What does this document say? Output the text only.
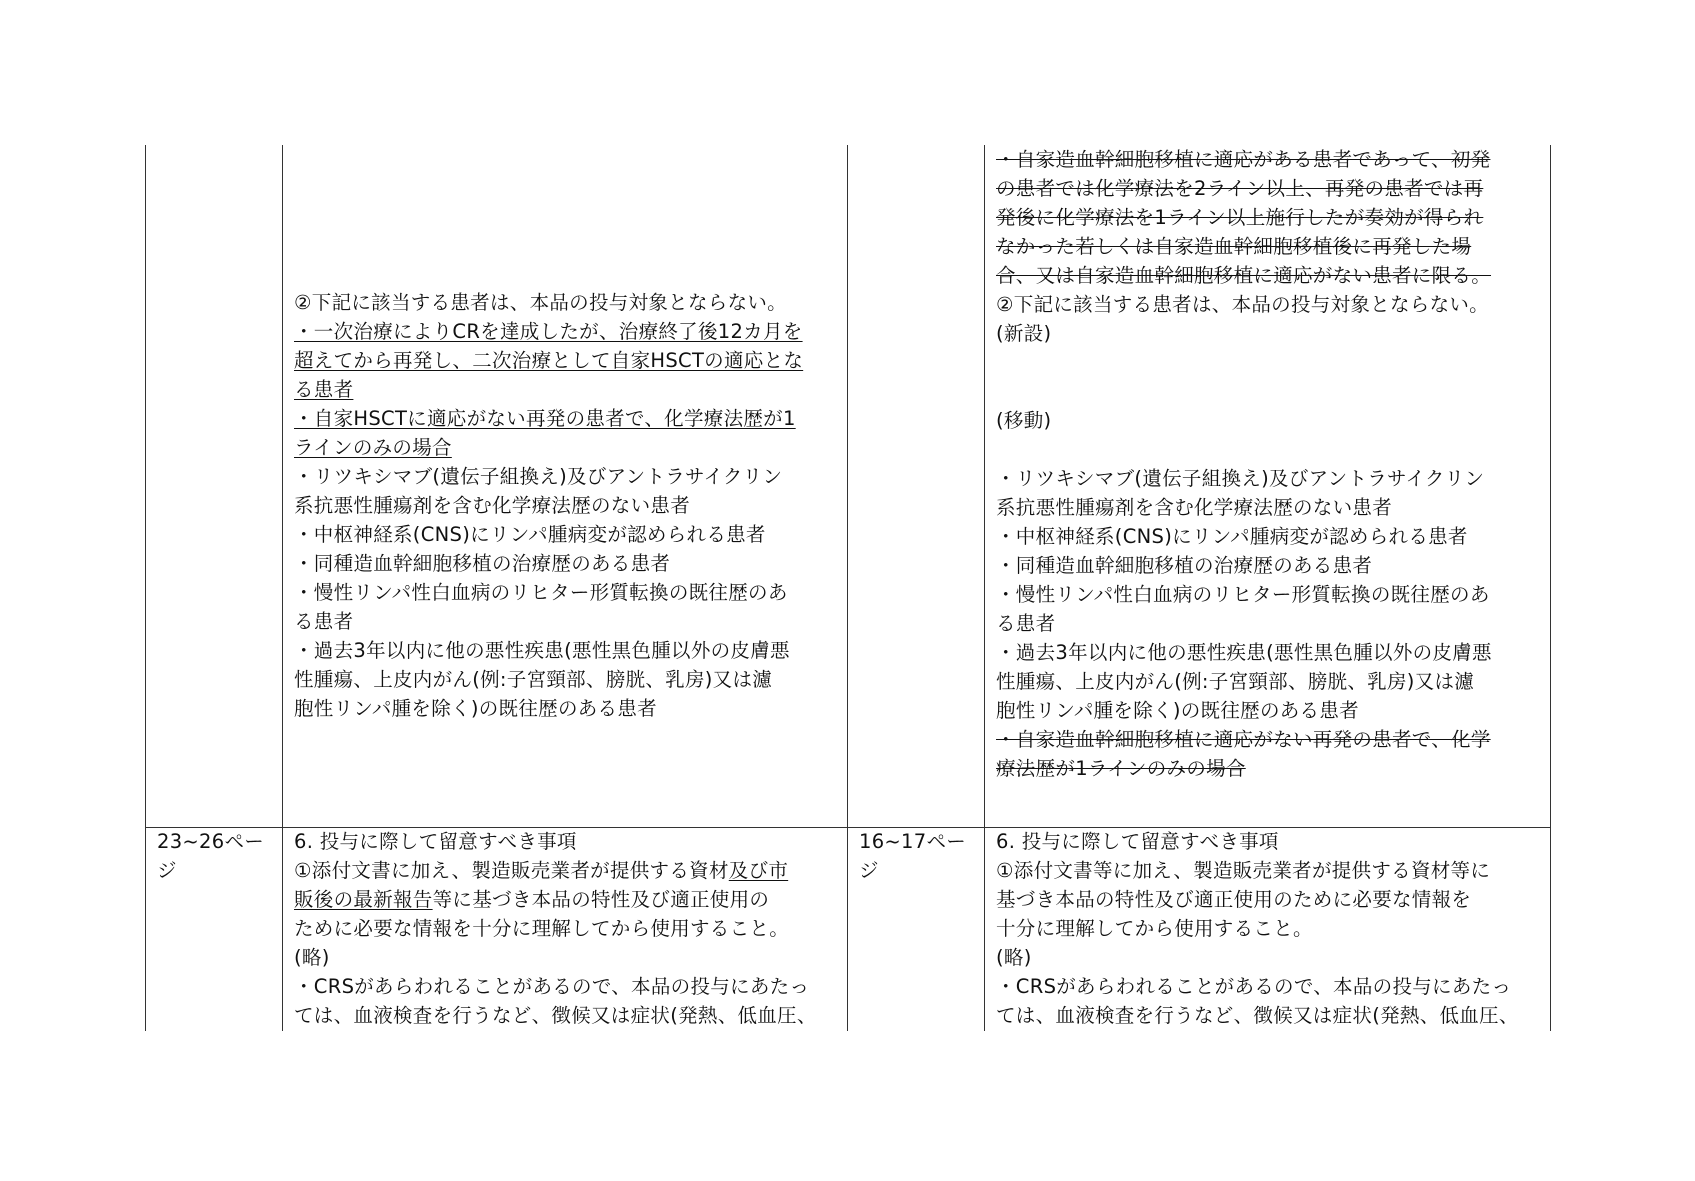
②下記に該当する患者は、本品の投与対象とならない。
・一次治療によりCRを達成したが、治療終了後12カ月を
超えてから再発し、二次治療として自家HSCTの適応とな
る患者
・自家HSCTに適応がない再発の患者で、化学療法歴が1
ラインのみの場合
・リツキシマブ(遺伝子組換え)及びアントラサイクリン
系抗悪性腫瘍剤を含む化学療法歴のない患者
・中枢神経系(CNS)にリンパ腫病変が認められる患者
・同種造血幹細胞移植の治療歴のある患者
・慢性リンパ性白血病のリヒター形質転換の既往歴のあ
る患者
・過去3年以内に他の悪性疾患(悪性黒色腫以外の皮膚悪
性腫瘍、上皮内がん(例:子宮頸部、膀胱、乳房)又は濾
胞性リンパ腫を除く)の既往歴のある患者
・自家造血幹細胞移植に適応がある患者であって、初発
の患者では化学療法を2ライン以上、再発の患者では再
発後に化学療法を1ライン以上施行したが奏効が得られ
なかった若しくは自家造血幹細胞移植後に再発した場
合、又は自家造血幹細胞移植に適応がない患者に限る。
②下記に該当する患者は、本品の投与対象とならない。
(新設)
(移動)
・リツキシマブ(遺伝子組換え)及びアントラサイクリン
系抗悪性腫瘍剤を含む化学療法歴のない患者
・中枢神経系(CNS)にリンパ腫病変が認められる患者
・同種造血幹細胞移植の治療歴のある患者
・慢性リンパ性白血病のリヒター形質転換の既往歴のあ
る患者
・過去3年以内に他の悪性疾患(悪性黒色腫以外の皮膚悪
性腫瘍、上皮内がん(例:子宮頸部、膀胱、乳房)又は濾
胞性リンパ腫を除く)の既往歴のある患者
・自家造血幹細胞移植に適応がない再発の患者で、化学
療法歴が1ラインのみの場合
23~26ペー
ジ
6. 投与に際して留意すべき事項
①添付文書に加え、製造販売業者が提供する資材及び市
販後の最新報告等に基づき本品の特性及び適正使用の
ために必要な情報を十分に理解してから使用すること。
(略)
・CRSがあらわれることがあるので、本品の投与にあたっ
ては、血液検査を行うなど、徴候又は症状(発熱、低血圧、
16~17ペー
ジ
6. 投与に際して留意すべき事項
①添付文書等に加え、製造販売業者が提供する資材等に
基づき本品の特性及び適正使用のために必要な情報を
十分に理解してから使用すること。
(略)
・CRSがあらわれることがあるので、本品の投与にあたっ
ては、血液検査を行うなど、徴候又は症状(発熱、低血圧、
